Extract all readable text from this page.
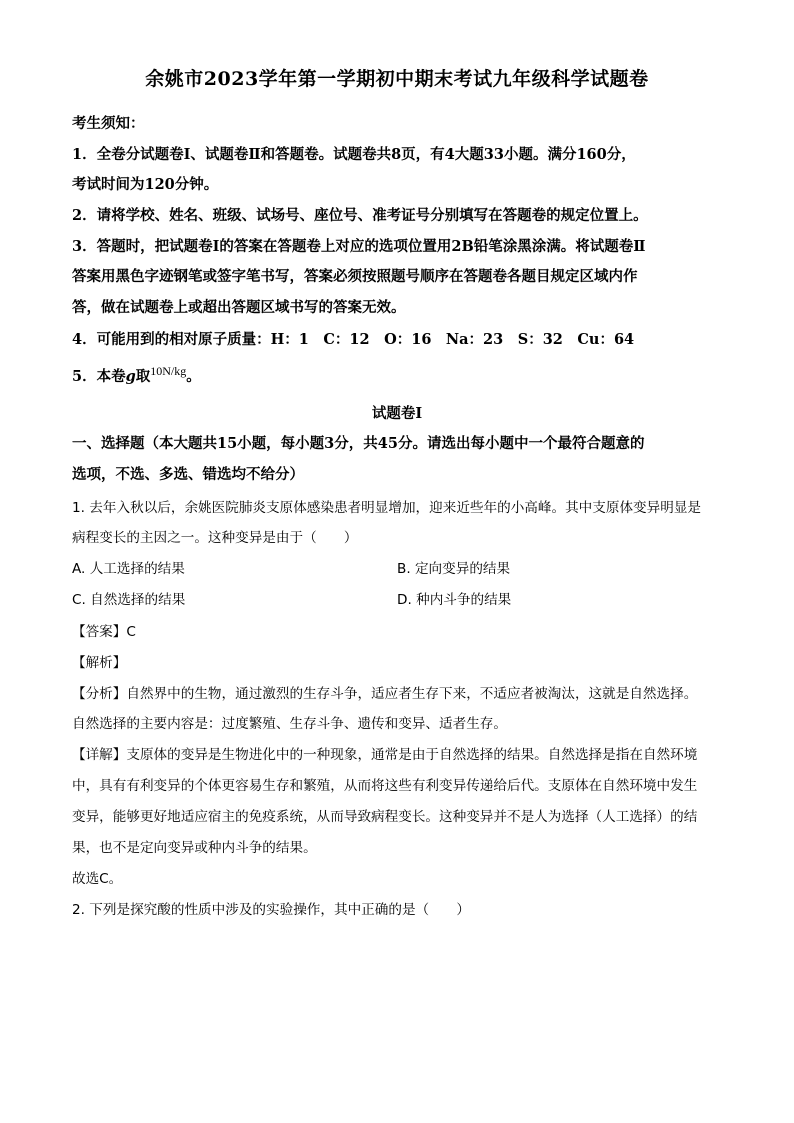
余姚市2023学年第一学期初中期末考试九年级科学试题卷
考生须知：
1．全卷分试题卷Ⅰ、试题卷Ⅱ和答题卷。试题卷共8页，有4大题33小题。满分160分，
考试时间为120分钟。
2．请将学校、姓名、班级、试场号、座位号、准考证号分别填写在答题卷的规定位置上。
3．答题时，把试题卷Ⅰ的答案在答题卷上对应的选项位置用2B铅笔涂黑涂满。将试题卷Ⅱ
答案用黑色字迹钢笔或签字笔书写，答案必须按照题号顺序在答题卷各题目规定区域内作
答，做在试题卷上或超出答题区域书写的答案无效。
4．可能用到的相对原子质量：H：1　C：12　O：16　Na：23　S：32　Cu：64
5．本卷g取$^{10N/kg}$。
试题卷Ⅰ
一、选择题（本大题共15小题，每小题3分，共45分。请选出每小题中一个最符合题意的
选项，不选、多选、错选均不给分）
1. 去年入秋以后，余姚医院肺炎支原体感染患者明显增加，迎来近些年的小高峰。其中支原体变异明显是
病程变长的主因之一。这种变异是由于（　　）
A. 人工选择的结果	B. 定向变异的结果
C. 自然选择的结果	D. 种内斗争的结果
【答案】C
【解析】
【分析】自然界中的生物，通过激烈的生存斗争，适应者生存下来，不适应者被淘汰，这就是自然选择。
自然选择的主要内容是：过度繁殖、生存斗争、遗传和变异、适者生存。
【详解】支原体的变异是生物进化中的一种现象，通常是由于自然选择的结果。自然选择是指在自然环境
中，具有有利变异的个体更容易生存和繁殖，从而将这些有利变异传递给后代。支原体在自然环境中发生
变异，能够更好地适应宿主的免疫系统，从而导致病程变长。这种变异并不是人为选择（人工选择）的结
果，也不是定向变异或种内斗争的结果。
故选C。
2. 下列是探究酸的性质中涉及的实验操作，其中正确的是（　　）
